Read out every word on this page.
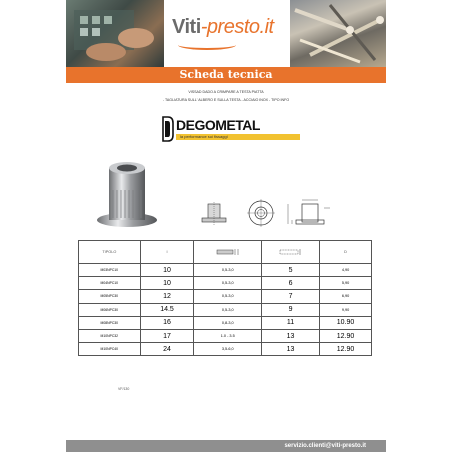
Viti-presto.it
Scheda tecnica
VISSAD DADO A CRIMPARE A TESTA PIATTA
- TAGLIATURA SULL' ALBERO E SULLA TESTA - ACCIAIO INOX - TIPO INFO
DEGOMETAL
la performance sui fissaggi
TIPOLO	I			D
M03NPC10	10	0,5-3,0	5	4,90
M04NPC10	10	0,5-3,0	6	5,90
M05NPC30	12	0,5-3,0	7	6,90
M06NPC30	14.5	0,5-3,0	9	9,90
M08NPC30	16	0,8-3,0	11	10.90
M10NPC32	17	1.0 - 3.5	13	12.90
M10NPC40	24	3,5-6,0	13	12.90
VF/130
servizio.clienti@viti-presto.it
